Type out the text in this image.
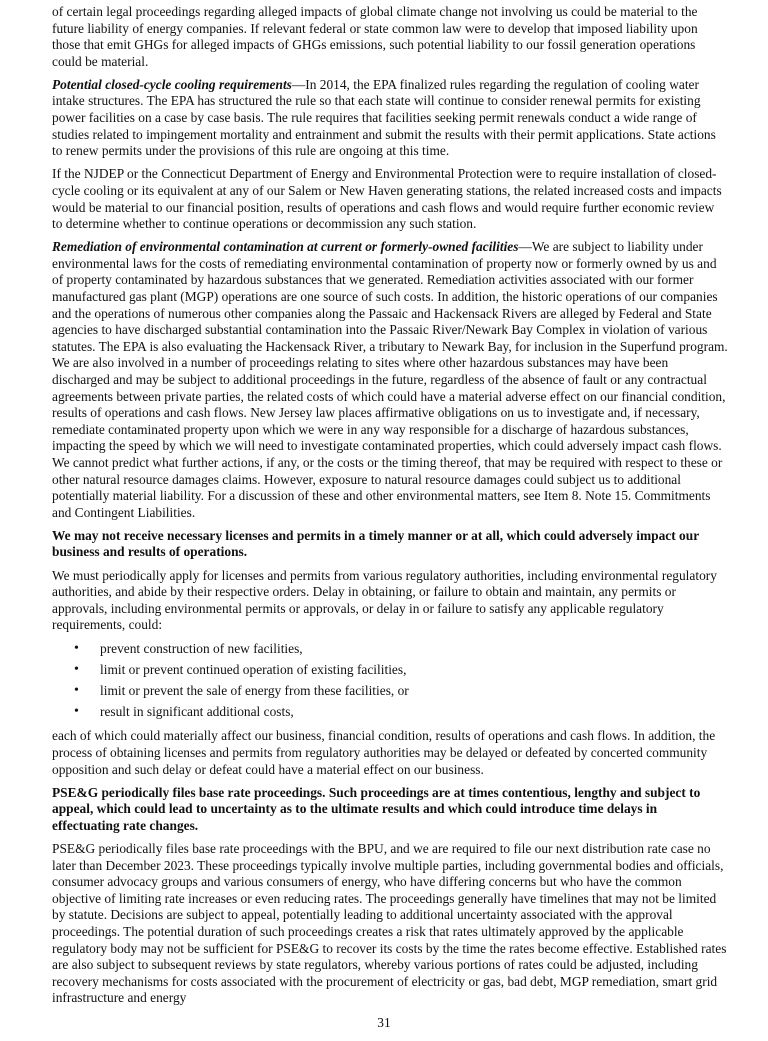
of certain legal proceedings regarding alleged impacts of global climate change not involving us could be material to the future liability of energy companies. If relevant federal or state common law were to develop that imposed liability upon those that emit GHGs for alleged impacts of GHGs emissions, such potential liability to our fossil generation operations could be material.

Potential closed-cycle cooling requirements—In 2014, the EPA finalized rules regarding the regulation of cooling water intake structures. The EPA has structured the rule so that each state will continue to consider renewal permits for existing power facilities on a case by case basis. The rule requires that facilities seeking permit renewals conduct a wide range of studies related to impingement mortality and entrainment and submit the results with their permit applications. State actions to renew permits under the provisions of this rule are ongoing at this time.

If the NJDEP or the Connecticut Department of Energy and Environmental Protection were to require installation of closed-cycle cooling or its equivalent at any of our Salem or New Haven generating stations, the related increased costs and impacts would be material to our financial position, results of operations and cash flows and would require further economic review to determine whether to continue operations or decommission any such station.

Remediation of environmental contamination at current or formerly-owned facilities—We are subject to liability under environmental laws for the costs of remediating environmental contamination of property now or formerly owned by us and of property contaminated by hazardous substances that we generated. Remediation activities associated with our former manufactured gas plant (MGP) operations are one source of such costs. In addition, the historic operations of our companies and the operations of numerous other companies along the Passaic and Hackensack Rivers are alleged by Federal and State agencies to have discharged substantial contamination into the Passaic River/Newark Bay Complex in violation of various statutes. The EPA is also evaluating the Hackensack River, a tributary to Newark Bay, for inclusion in the Superfund program. We are also involved in a number of proceedings relating to sites where other hazardous substances may have been discharged and may be subject to additional proceedings in the future, regardless of the absence of fault or any contractual agreements between private parties, the related costs of which could have a material adverse effect on our financial condition, results of operations and cash flows. New Jersey law places affirmative obligations on us to investigate and, if necessary, remediate contaminated property upon which we were in any way responsible for a discharge of hazardous substances, impacting the speed by which we will need to investigate contaminated properties, which could adversely impact cash flows. We cannot predict what further actions, if any, or the costs or the timing thereof, that may be required with respect to these or other natural resource damages claims. However, exposure to natural resource damages could subject us to additional potentially material liability. For a discussion of these and other environmental matters, see Item 8. Note 15. Commitments and Contingent Liabilities.

We may not receive necessary licenses and permits in a timely manner or at all, which could adversely impact our business and results of operations.

We must periodically apply for licenses and permits from various regulatory authorities, including environmental regulatory authorities, and abide by their respective orders. Delay in obtaining, or failure to obtain and maintain, any permits or approvals, including environmental permits or approvals, or delay in or failure to satisfy any applicable regulatory requirements, could:

• prevent construction of new facilities,
• limit or prevent continued operation of existing facilities,
• limit or prevent the sale of energy from these facilities, or
• result in significant additional costs,

each of which could materially affect our business, financial condition, results of operations and cash flows. In addition, the process of obtaining licenses and permits from regulatory authorities may be delayed or defeated by concerted community opposition and such delay or defeat could have a material effect on our business.

PSE&G periodically files base rate proceedings. Such proceedings are at times contentious, lengthy and subject to appeal, which could lead to uncertainty as to the ultimate results and which could introduce time delays in effectuating rate changes.

PSE&G periodically files base rate proceedings with the BPU, and we are required to file our next distribution rate case no later than December 2023. These proceedings typically involve multiple parties, including governmental bodies and officials, consumer advocacy groups and various consumers of energy, who have differing concerns but who have the common objective of limiting rate increases or even reducing rates. The proceedings generally have timelines that may not be limited by statute. Decisions are subject to appeal, potentially leading to additional uncertainty associated with the approval proceedings. The potential duration of such proceedings creates a risk that rates ultimately approved by the applicable regulatory body may not be sufficient for PSE&G to recover its costs by the time the rates become effective. Established rates are also subject to subsequent reviews by state regulators, whereby various portions of rates could be adjusted, including recovery mechanisms for costs associated with the procurement of electricity or gas, bad debt, MGP remediation, smart grid infrastructure and energy

31
